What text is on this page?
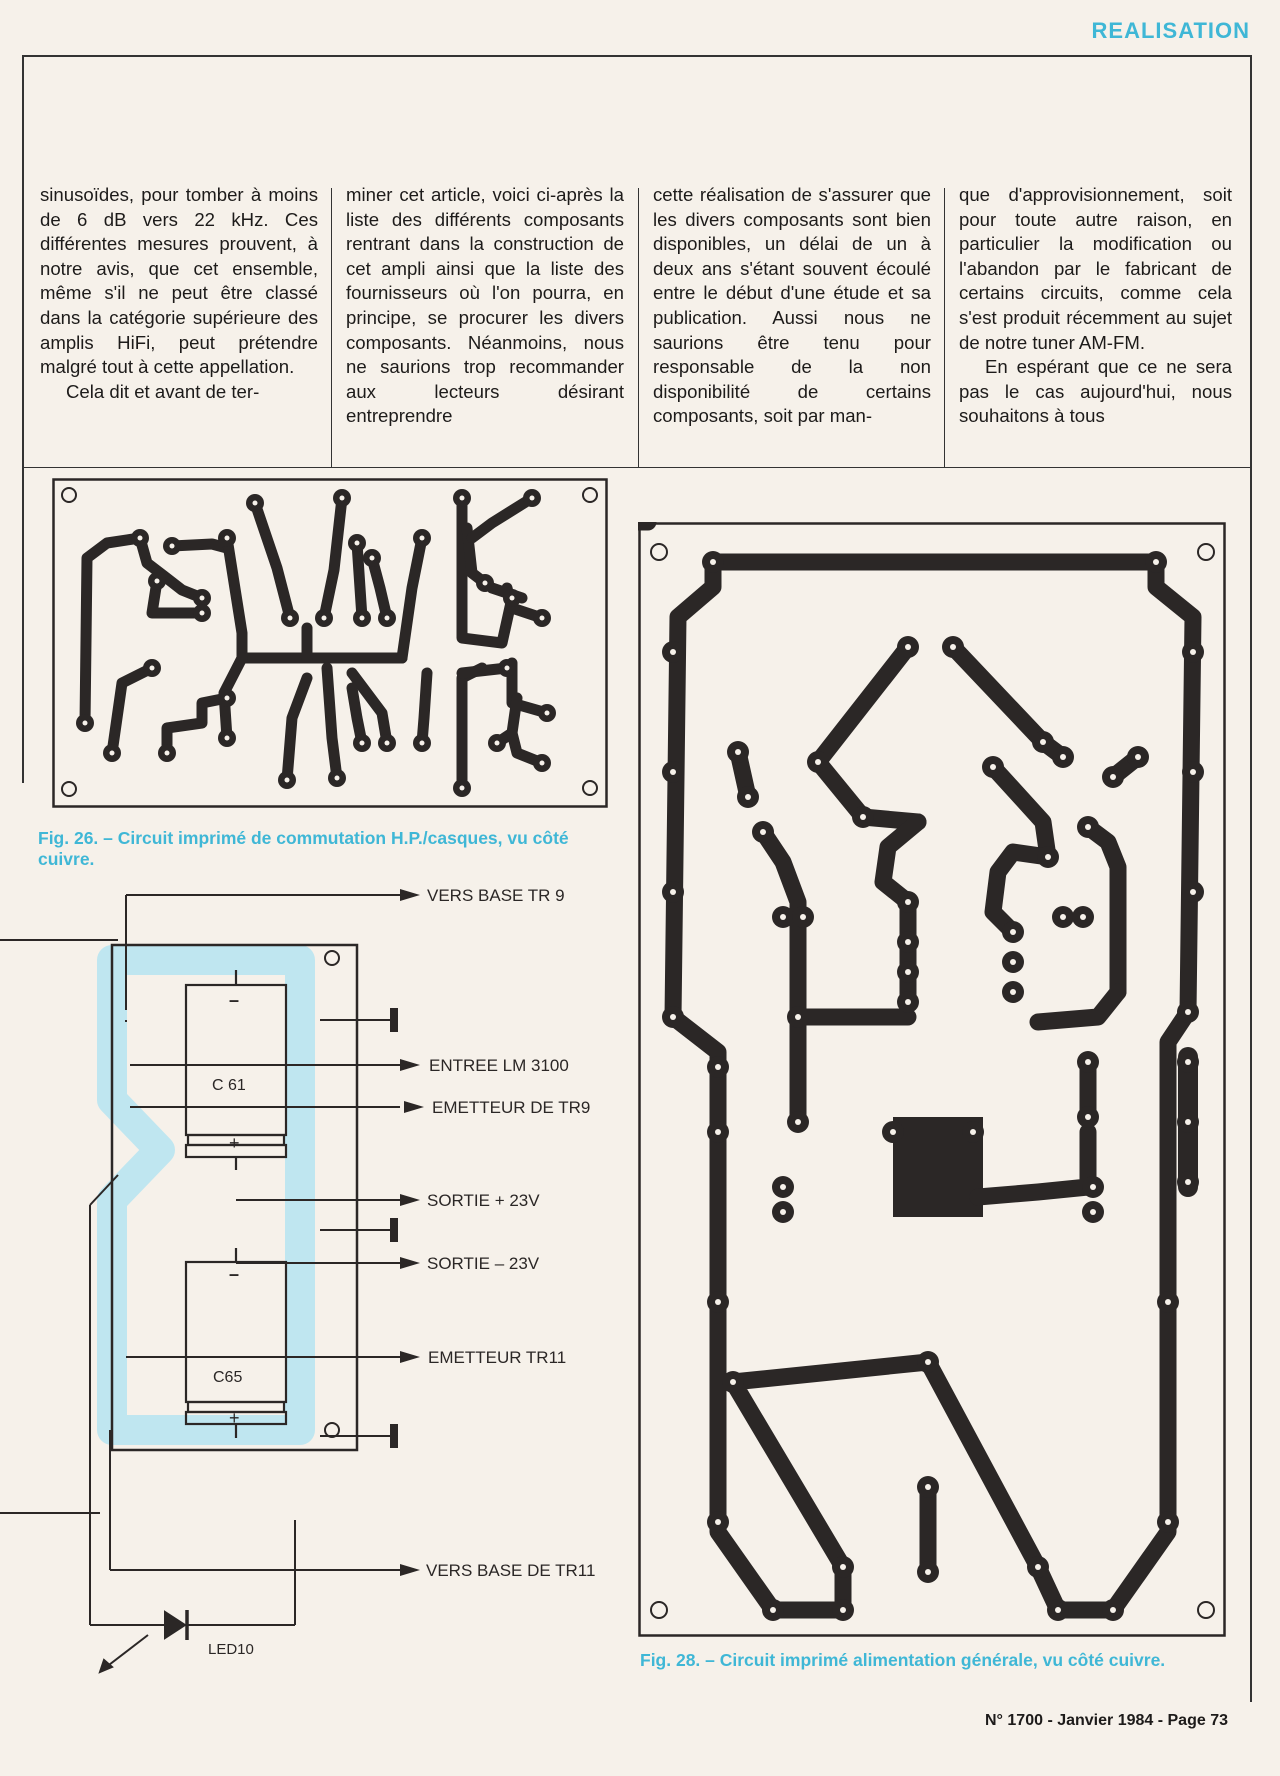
REALISATION

sinusoïdes, pour tomber à moins de 6 dB vers 22 kHz. Ces différentes mesures prouvent, à notre avis, que cet ensemble, même s'il ne peut être classé dans la catégorie supérieure des amplis HiFi, peut prétendre malgré tout à cette appellation.

Cela dit et avant de ter-

miner cet article, voici ci-après la liste des différents composants rentrant dans la construction de cet ampli ainsi que la liste des fournisseurs où l'on pourra, en principe, se procurer les divers composants. Néanmoins, nous ne saurions trop recommander aux lecteurs désirant entreprendre

cette réalisation de s'assurer que les divers composants sont bien disponibles, un délai de un à deux ans s'étant souvent écoulé entre le début d'une étude et sa publication. Aussi nous ne saurions être tenu pour responsable de la non disponibilité de certains composants, soit par man-

que d'approvisionnement, soit pour toute autre raison, en particulier la modification ou l'abandon par le fabricant de certains circuits, comme cela s'est produit récemment au sujet de notre tuner AM-FM.

En espérant que ce ne sera pas le cas aujourd'hui, nous souhaitons à tous

Fig. 26. – Circuit imprimé de commutation H.P./casques, vu côté cuivre.
C 61
–
+
C65
–
+
LED10
VERS BASE TR 9
ENTREE LM 3100
EMETTEUR DE TR9
SORTIE + 23V
SORTIE – 23V
EMETTEUR TR11
VERS BASE DE TR11
Fig. 28. – Circuit imprimé alimentation générale, vu côté cuivre.
N° 1700 - Janvier 1984 - Page 73
